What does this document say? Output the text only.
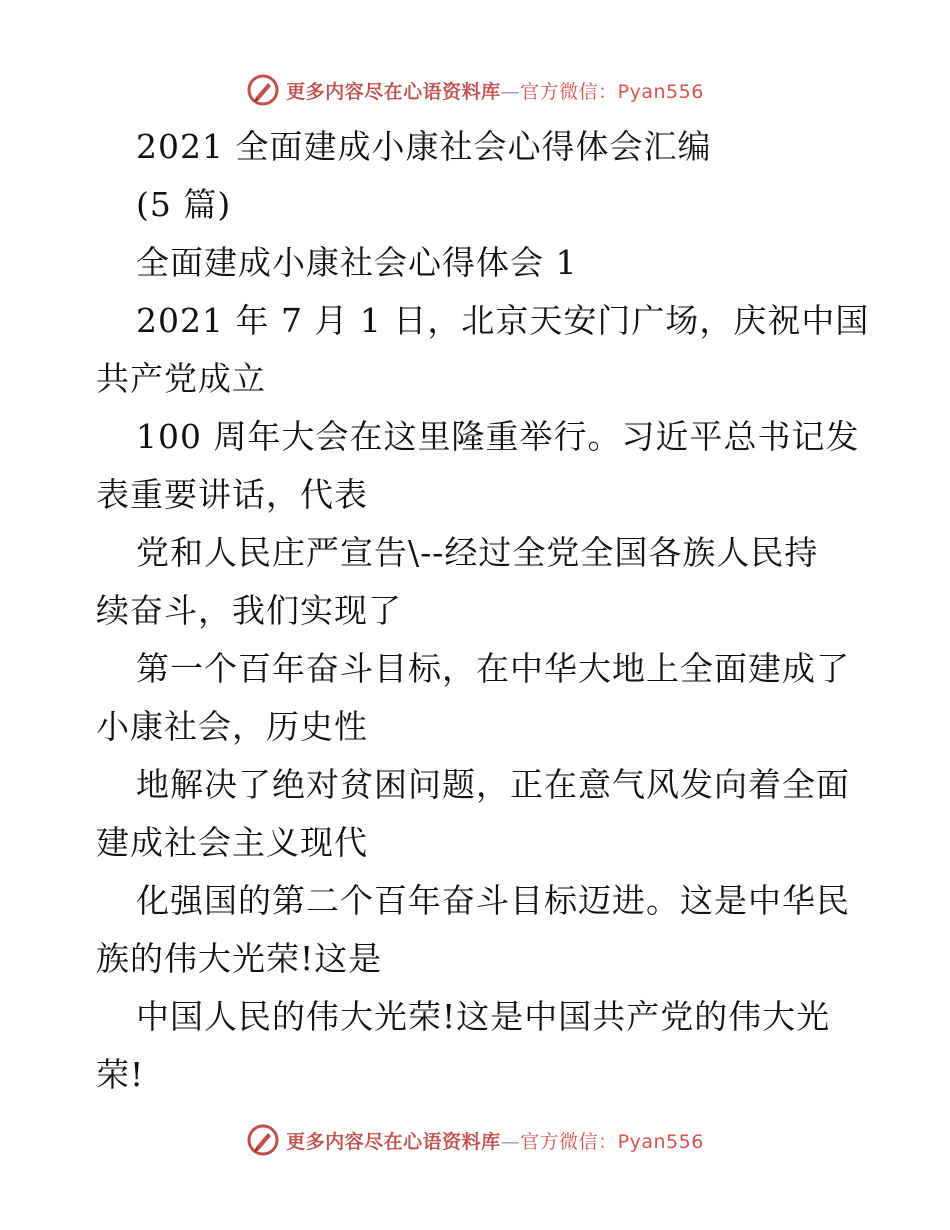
更多内容尽在心语资料库—官方微信：Pyan556
2021 全面建成小康社会心得体会汇编
(5 篇)
全面建成小康社会心得体会 1
2021 年 7 月 1 日，北京天安门广场，庆祝中国
共产党成立
100 周年大会在这里隆重举行。习近平总书记发
表重要讲话，代表
党和人民庄严宣告\--经过全党全国各族人民持
续奋斗，我们实现了
第一个百年奋斗目标，在中华大地上全面建成了
小康社会，历史性
地解决了绝对贫困问题，正在意气风发向着全面
建成社会主义现代
化强国的第二个百年奋斗目标迈进。这是中华民
族的伟大光荣!这是
中国人民的伟大光荣!这是中国共产党的伟大光
荣!
更多内容尽在心语资料库—官方微信：Pyan556
